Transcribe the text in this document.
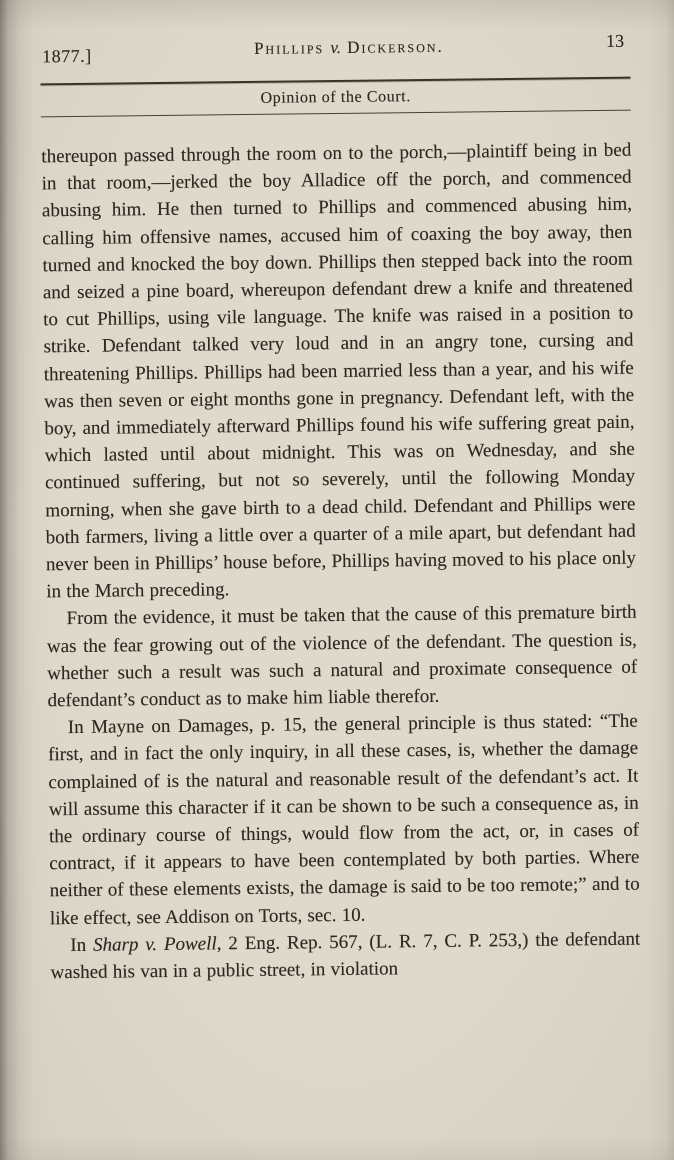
1877.]	Phillips v. Dickerson.	13
Opinion of the Court.

thereupon passed through the room on to the porch,—plaintiff being in bed in that room,—jerked the boy Alladice off the porch, and commenced abusing him. He then turned to Phillips and commenced abusing him, calling him offensive names, accused him of coaxing the boy away, then turned and knocked the boy down. Phillips then stepped back into the room and seized a pine board, whereupon defendant drew a knife and threatened to cut Phillips, using vile language. The knife was raised in a position to strike. Defendant talked very loud and in an angry tone, cursing and threatening Phillips. Phillips had been married less than a year, and his wife was then seven or eight months gone in pregnancy. Defendant left, with the boy, and immediately afterward Phillips found his wife suffering great pain, which lasted until about midnight. This was on Wednesday, and she continued suffering, but not so severely, until the following Monday morning, when she gave birth to a dead child. Defendant and Phillips were both farmers, living a little over a quarter of a mile apart, but defendant had never been in Phillips’ house before, Phillips having moved to his place only in the March preceding.

From the evidence, it must be taken that the cause of this premature birth was the fear growing out of the violence of the defendant. The question is, whether such a result was such a natural and proximate consequence of defendant’s conduct as to make him liable therefor.

In Mayne on Damages, p. 15, the general principle is thus stated: “The first, and in fact the only inquiry, in all these cases, is, whether the damage complained of is the natural and reasonable result of the defendant’s act. It will assume this character if it can be shown to be such a consequence as, in the ordinary course of things, would flow from the act, or, in cases of contract, if it appears to have been contemplated by both parties. Where neither of these elements exists, the damage is said to be too remote;” and to like effect, see Addison on Torts, sec. 10.

In Sharp v. Powell, 2 Eng. Rep. 567, (L. R. 7, C. P. 253,) the defendant washed his van in a public street, in violation
